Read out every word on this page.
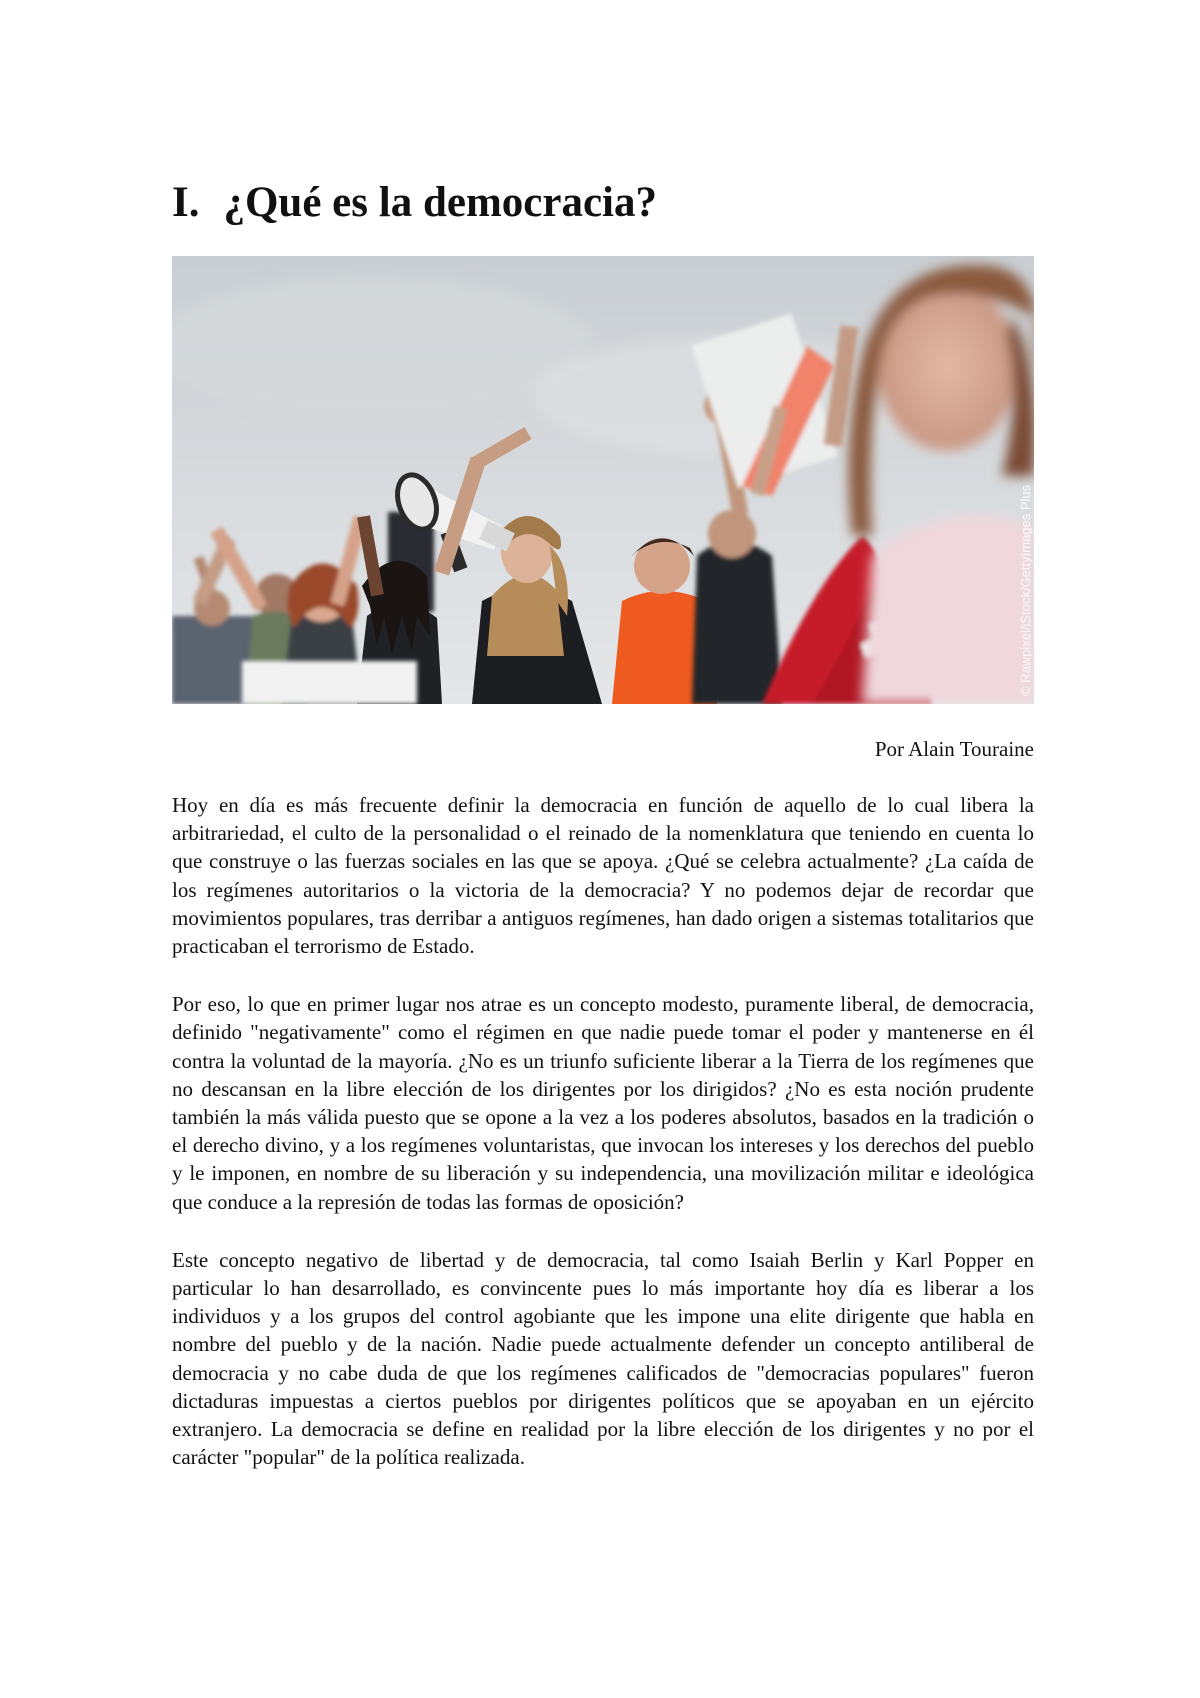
I. ¿Qué es la democracia?
© Rawpixel/iStock/GettyImages Plus

Por Alain Touraine

Hoy en día es más frecuente definir la democracia en función de aquello de lo cual libera la arbitrariedad, el culto de la personalidad o el reinado de la nomenklatura que teniendo en cuenta lo que construye o las fuerzas sociales en las que se apoya. ¿Qué se celebra actualmente? ¿La caída de los regímenes autoritarios o la victoria de la democracia? Y no podemos dejar de recordar que movimientos populares, tras derribar a antiguos regímenes, han dado origen a sistemas totalitarios que practicaban el terrorismo de Estado.

Por eso, lo que en primer lugar nos atrae es un concepto modesto, puramente liberal, de democracia, definido "negativamente" como el régimen en que nadie puede tomar el poder y mantenerse en él contra la voluntad de la mayoría. ¿No es un triunfo suficiente liberar a la Tierra de los regímenes que no descansan en la libre elección de los dirigentes por los dirigidos? ¿No es esta noción prudente también la más válida puesto que se opone a la vez a los poderes absolutos, basados en la tradición o el derecho divino, y a los regímenes voluntaristas, que invocan los intereses y los derechos del pueblo y le imponen, en nombre de su liberación y su independencia, una movilización militar e ideológica que conduce a la represión de todas las formas de oposición?

Este concepto negativo de libertad y de democracia, tal como Isaiah Berlin y Karl Popper en particular lo han desarrollado, es convincente pues lo más importante hoy día es liberar a los individuos y a los grupos del control agobiante que les impone una elite dirigente que habla en nombre del pueblo y de la nación. Nadie puede actualmente defender un concepto antiliberal de democracia y no cabe duda de que los regímenes calificados de "democracias populares" fueron dictaduras impuestas a ciertos pueblos por dirigentes políticos que se apoyaban en un ejército extranjero. La democracia se define en realidad por la libre elección de los dirigentes y no por el carácter "popular" de la política realizada.
